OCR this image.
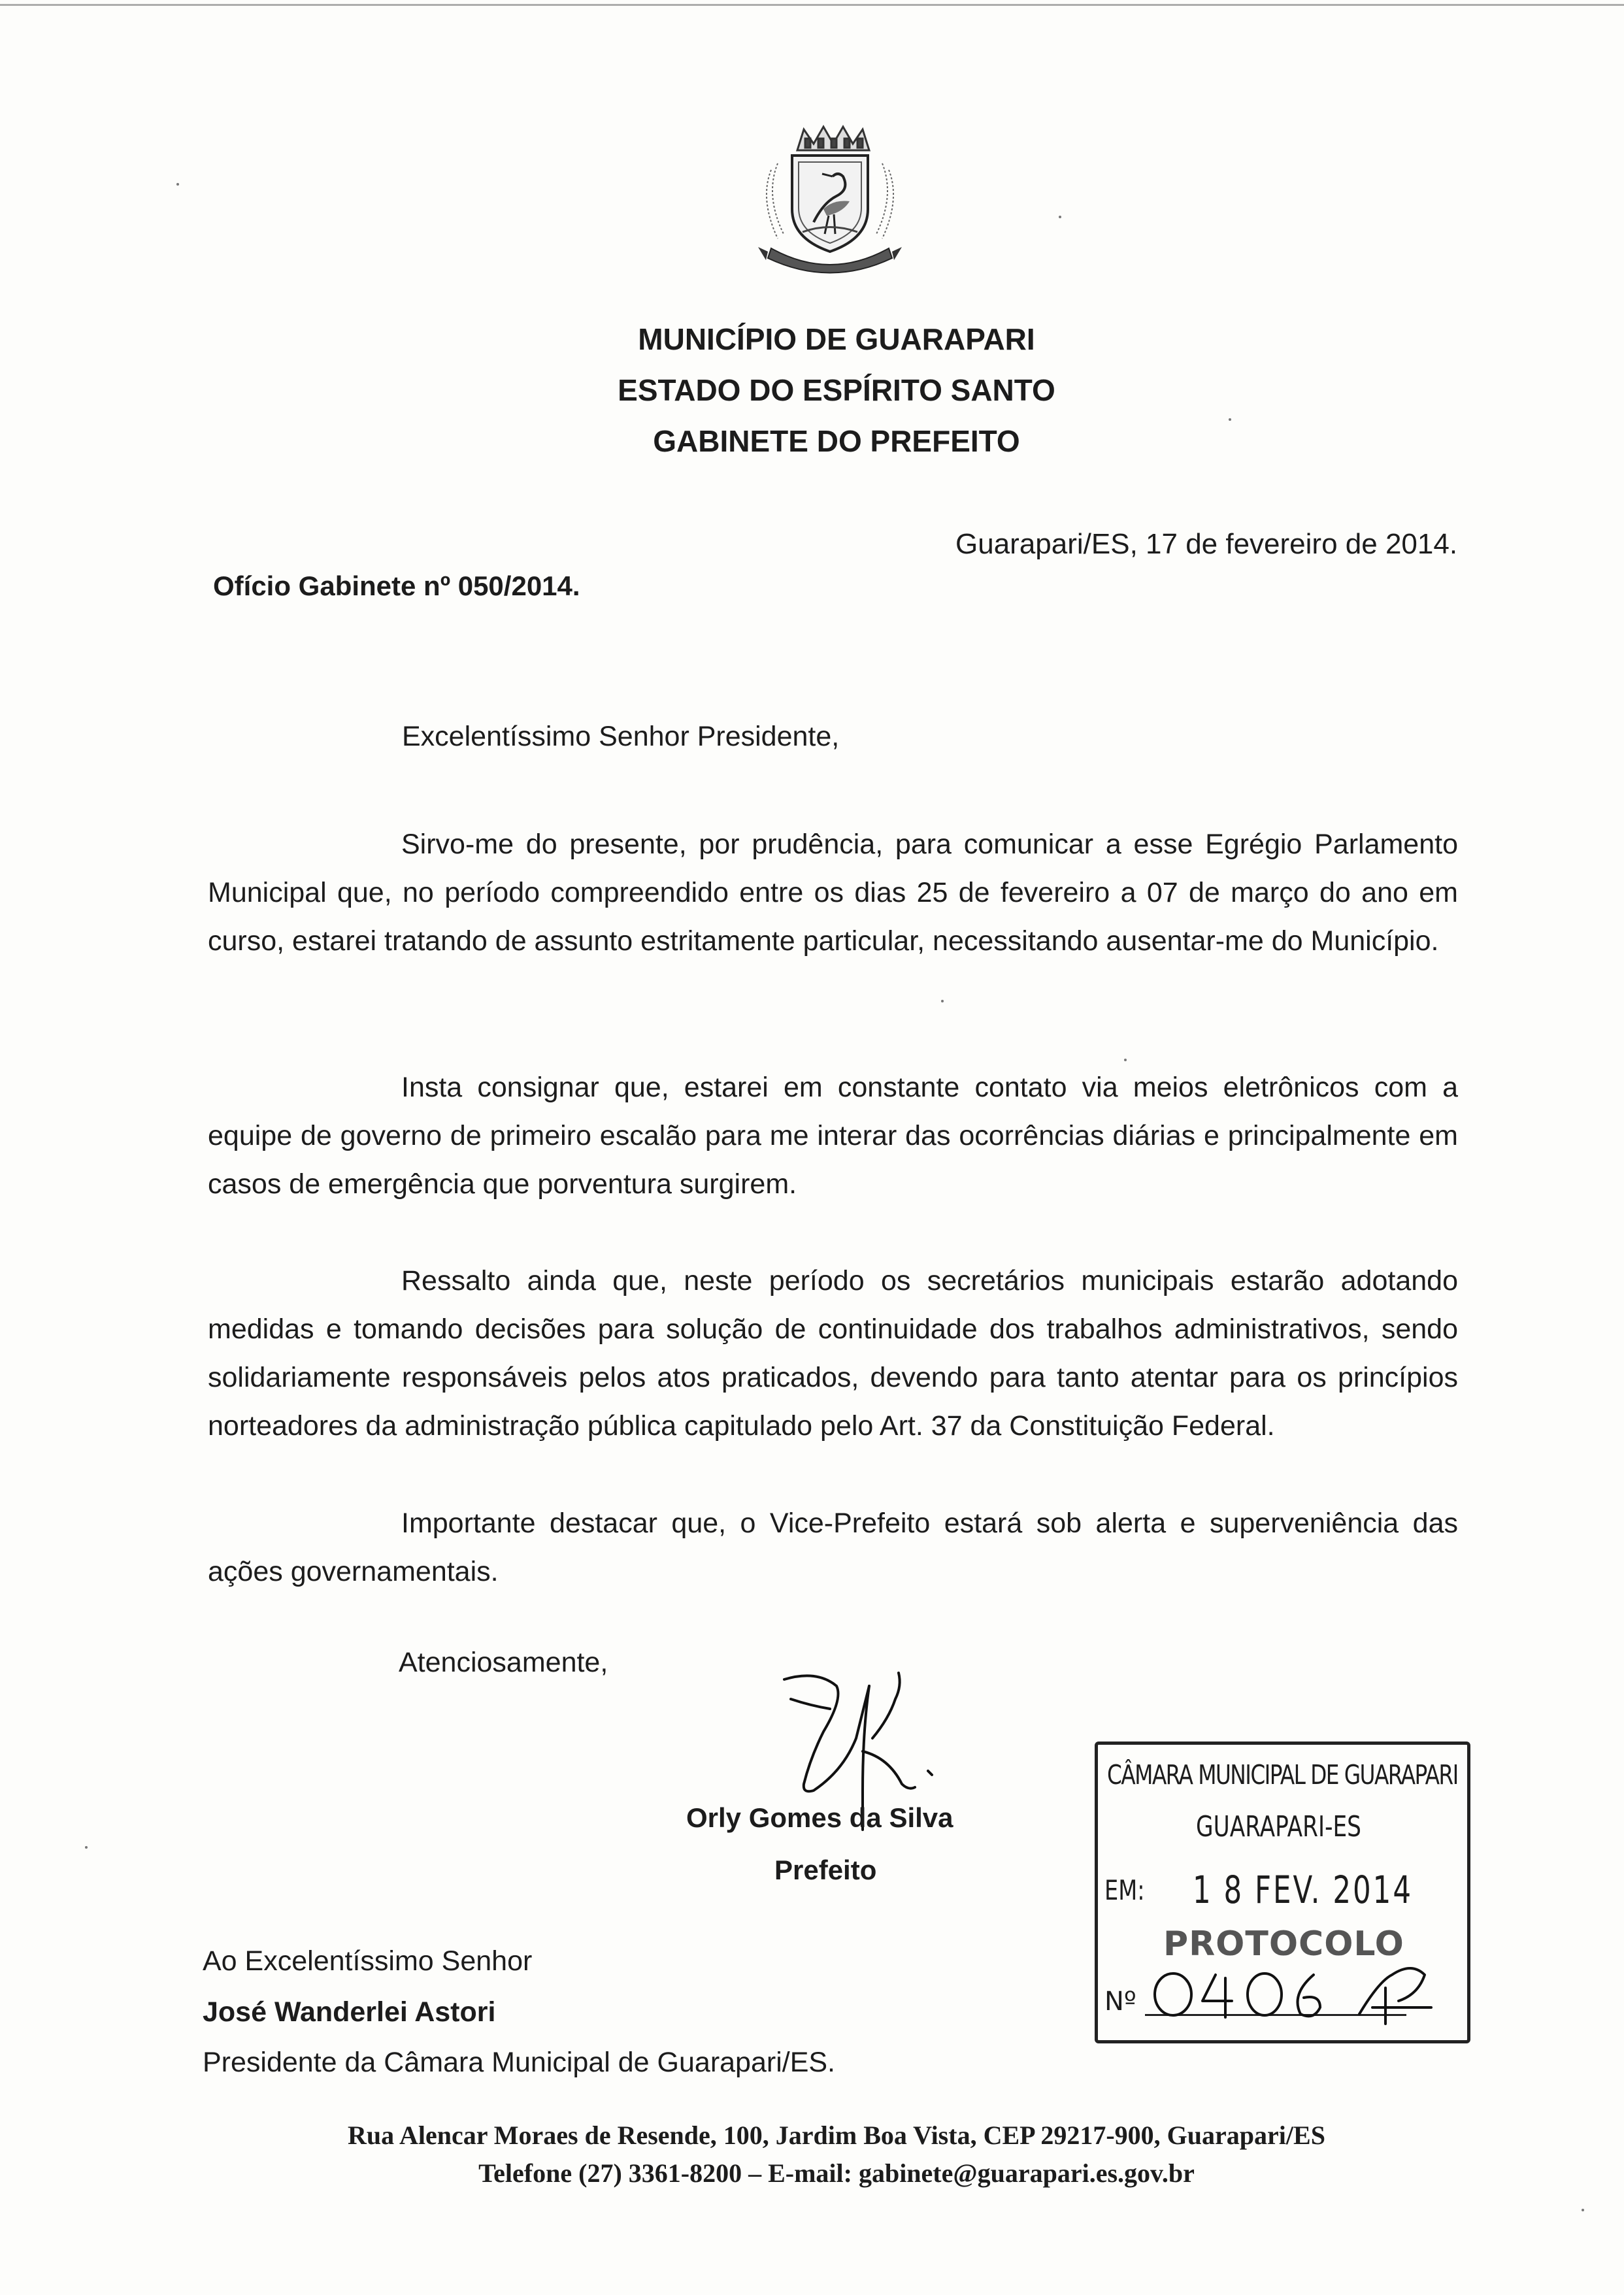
MUNICÍPIO DE GUARAPARI
ESTADO DO ESPÍRITO SANTO
GABINETE DO PREFEITO
Guarapari/ES, 17 de fevereiro de 2014.
Ofício Gabinete nº 050/2014.
Excelentíssimo Senhor Presidente,
Sirvo-me do presente, por prudência, para comunicar a esse Egrégio Parlamento Municipal que, no período compreendido entre os dias 25 de fevereiro a 07 de março do ano em curso, estarei tratando de assunto estritamente particular, necessitando ausentar-me do Município.
Insta consignar que, estarei em constante contato via meios eletrônicos com a equipe de governo de primeiro escalão para me interar das ocorrências diárias e principalmente em casos de emergência que porventura surgirem.
Ressalto ainda que, neste período os secretários municipais estarão adotando medidas e tomando decisões para solução de continuidade dos trabalhos administrativos, sendo solidariamente responsáveis pelos atos praticados, devendo para tanto atentar para os princípios norteadores da administração pública capitulado pelo Art. 37 da Constituição Federal.
Importante destacar que, o Vice-Prefeito estará sob alerta e superveniência das ações governamentais.
Atenciosamente,
Orly Gomes da Silva
Prefeito
Ao Excelentíssimo Senhor
José Wanderlei Astori
Presidente da Câmara Municipal de Guarapari/ES.
CÂMARA MUNICIPAL DE GUARAPARI
GUARAPARI-ES
EM: 1 8 FEV. 2014
PROTOCOLO
Nº
Rua Alencar Moraes de Resende, 100, Jardim Boa Vista, CEP 29217-900, Guarapari/ES
Telefone (27) 3361-8200 – E-mail: gabinete@guarapari.es.gov.br
